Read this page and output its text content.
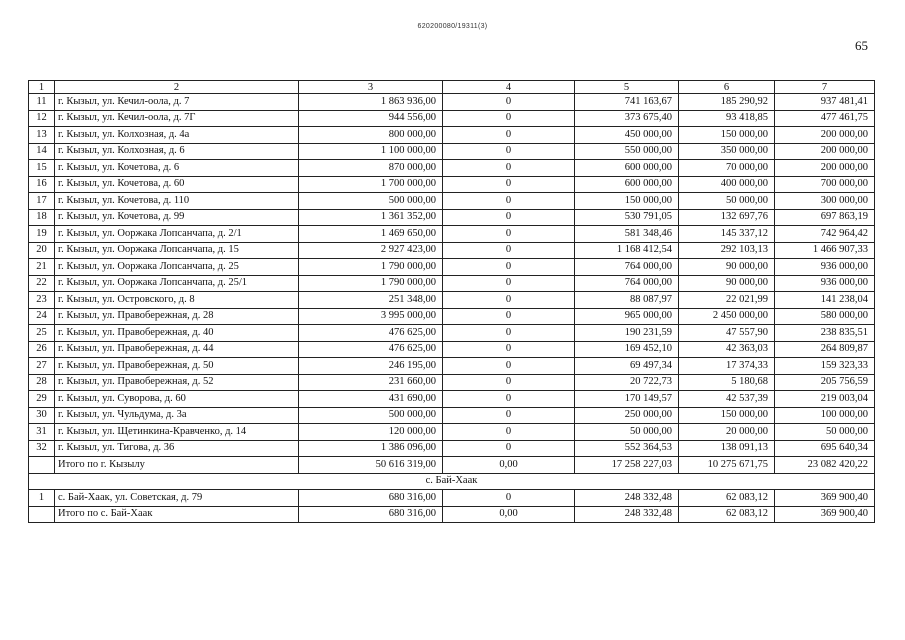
620200080/19311(3)
65
1	2	3	4	5	6	7
11	г. Кызыл, ул. Кечил-оола, д. 7	1 863 936,00	0	741 163,67	185 290,92	937 481,41
12	г. Кызыл, ул. Кечил-оола, д. 7Г	944 556,00	0	373 675,40	93 418,85	477 461,75
13	г. Кызыл, ул. Колхозная, д. 4а	800 000,00	0	450 000,00	150 000,00	200 000,00
14	г. Кызыл, ул. Колхозная, д. 6	1 100 000,00	0	550 000,00	350 000,00	200 000,00
15	г. Кызыл, ул. Кочетова, д. 6	870 000,00	0	600 000,00	70 000,00	200 000,00
16	г. Кызыл, ул. Кочетова, д. 60	1 700 000,00	0	600 000,00	400 000,00	700 000,00
17	г. Кызыл, ул. Кочетова, д. 110	500 000,00	0	150 000,00	50 000,00	300 000,00
18	г. Кызыл, ул. Кочетова, д. 99	1 361 352,00	0	530 791,05	132 697,76	697 863,19
19	г. Кызыл, ул. Ооржака Лопсанчапа, д. 2/1	1 469 650,00	0	581 348,46	145 337,12	742 964,42
20	г. Кызыл, ул. Ооржака Лопсанчапа, д. 15	2 927 423,00	0	1 168 412,54	292 103,13	1 466 907,33
21	г. Кызыл, ул. Ооржака Лопсанчапа, д. 25	1 790 000,00	0	764 000,00	90 000,00	936 000,00
22	г. Кызыл, ул. Ооржака Лопсанчапа, д. 25/1	1 790 000,00	0	764 000,00	90 000,00	936 000,00
23	г. Кызыл, ул. Островского, д. 8	251 348,00	0	88 087,97	22 021,99	141 238,04
24	г. Кызыл, ул. Правобережная, д. 28	3 995 000,00	0	965 000,00	2 450 000,00	580 000,00
25	г. Кызыл, ул. Правобережная, д. 40	476 625,00	0	190 231,59	47 557,90	238 835,51
26	г. Кызыл, ул. Правобережная, д. 44	476 625,00	0	169 452,10	42 363,03	264 809,87
27	г. Кызыл, ул. Правобережная, д. 50	246 195,00	0	69 497,34	17 374,33	159 323,33
28	г. Кызыл, ул. Правобережная, д. 52	231 660,00	0	20 722,73	5 180,68	205 756,59
29	г. Кызыл, ул. Суворова, д. 60	431 690,00	0	170 149,57	42 537,39	219 003,04
30	г. Кызыл, ул. Чульдума, д. 3а	500 000,00	0	250 000,00	150 000,00	100 000,00
31	г. Кызыл, ул. Щетинкина-Кравченко, д. 14	120 000,00	0	50 000,00	20 000,00	50 000,00
32	г. Кызыл, ул. Тигова, д. 36	1 386 096,00	0	552 364,53	138 091,13	695 640,34
	Итого по г. Кызылу	50 616 319,00	0,00	17 258 227,03	10 275 671,75	23 082 420,22
с. Бай-Хаак						
1	с. Бай-Хаак, ул. Советская, д. 79	680 316,00	0	248 332,48	62 083,12	369 900,40
	Итого по с. Бай-Хаак	680 316,00	0,00	248 332,48	62 083,12	369 900,40
